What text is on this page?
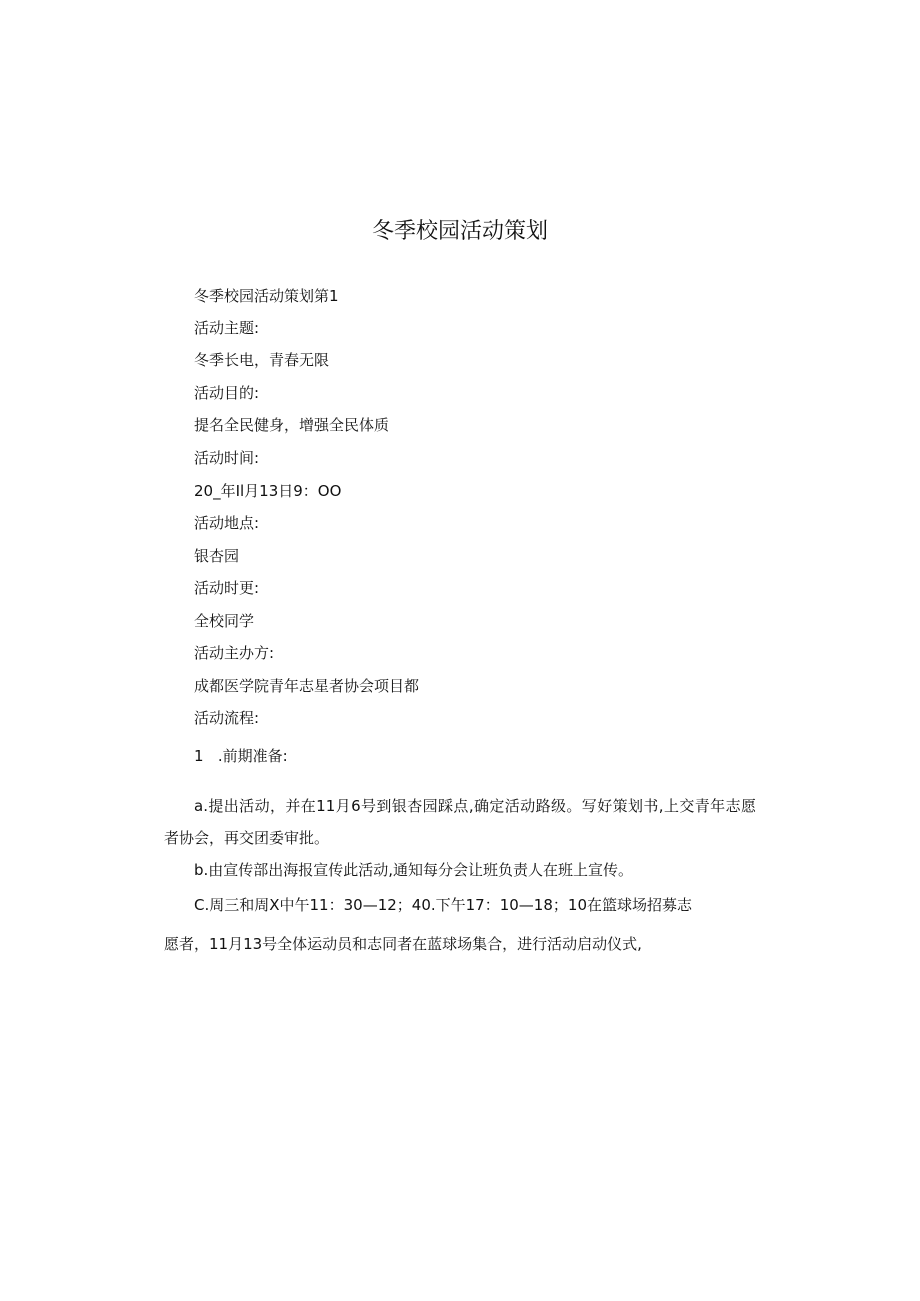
冬季校园活动策划
冬季校园活动策划第1
活动主题:
冬季长电，青春无限
活动目的:
提名全民健身，增强全民体质
活动时间:
20_年Il月13日9：OO
活动地点:
银杏园
活动时更:
全校同学
活动主办方:
成都医学院青年志星者协会项目都
活动流程:
1   .前期准备:
a.提出活动，并在11月6号到银杏园踩点,确定活动路级。写好策划书,上交青年志愿者协会，再交团委审批。
b.由宣传部出海报宣传此活动,通知每分会让班负责人在班上宣传。
C.周三和周X中午11：30—12；40.下午17：10—18；10在篮球场招募志
愿者，11月13号全体运动员和志同者在蓝球场集合，进行活动启动仪式,
